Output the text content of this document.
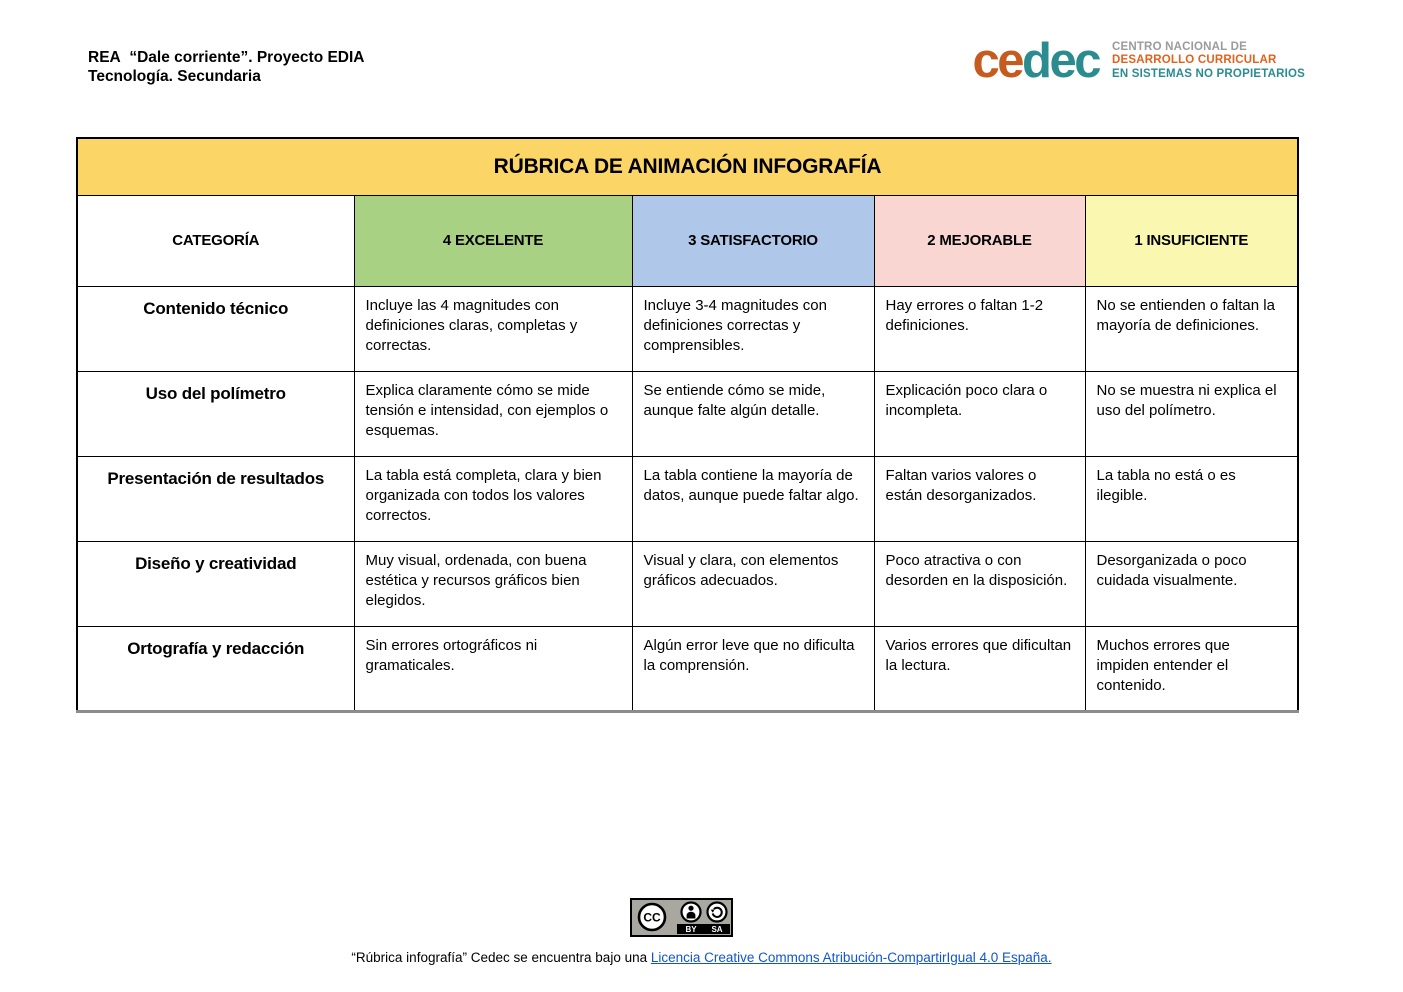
REA  “Dale corriente”. Proyecto EDIA
Tecnología. Secundaria	cedec CENTRO NACIONAL DE
DESARROLLO CURRICULAR
EN SISTEMAS NO PROPIETARIOS
RÚBRICA DE ANIMACIÓN INFOGRAFÍA				
CATEGORÍA	4 EXCELENTE	3 SATISFACTORIO	2 MEJORABLE	1 INSUFICIENTE
Contenido técnico	Incluye las 4 magnitudes con definiciones claras, completas y correctas.	Incluye 3-4 magnitudes con definiciones correctas y comprensibles.	Hay errores o faltan 1-2 definiciones.	No se entienden o faltan la mayoría de definiciones.
Uso del polímetro	Explica claramente cómo se mide tensión e intensidad, con ejemplos o esquemas.	Se entiende cómo se mide, aunque falte algún detalle.	Explicación poco clara o incompleta.	No se muestra ni explica el uso del polímetro.
Presentación de resultados	La tabla está completa, clara y bien organizada con todos los valores correctos.	La tabla contiene la mayoría de datos, aunque puede faltar algo.	Faltan varios valores o están desorganizados.	La tabla no está o es ilegible.
Diseño y creatividad	Muy visual, ordenada, con buena estética y recursos gráficos bien elegidos.	Visual y clara, con elementos gráficos adecuados.	Poco atractiva o con desorden en la disposición.	Desorganizada o poco cuidada visualmente.
Ortografía y redacción	Sin errores ortográficos ni gramaticales.	Algún error leve que no dificulta la comprensión.	Varios errores que dificultan la lectura.	Muchos errores que impiden entender el contenido.
CC
BY SA
“Rúbrica infografía” Cedec se encuentra bajo una Licencia Creative Commons Atribución-CompartirIgual 4.0 España.
